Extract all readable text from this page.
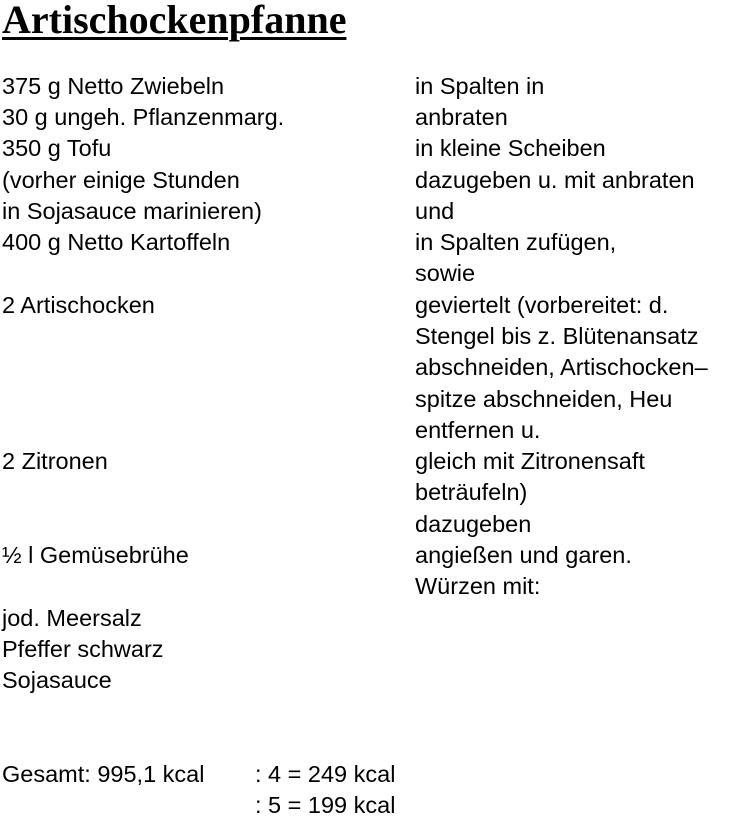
Artischockenpfanne
375 g Netto Zwiebeln
30 g ungeh. Pflanzenmarg.
350 g Tofu
(vorher einige Stunden
in Sojasauce marinieren)
400 g Netto Kartoffeln
2 Artischocken
2 Zitronen
½ l Gemüsebrühe
jod. Meersalz
Pfeffer schwarz
Sojasauce
in Spalten in
anbraten
in kleine Scheiben
dazugeben u. mit anbraten
und
in Spalten zufügen,
sowie
geviertelt (vorbereitet: d.
Stengel bis z. Blütenansatz
abschneiden, Artischocken–
spitze abschneiden, Heu
entfernen u.
gleich mit Zitronensaft
beträufeln)
dazugeben
angießen und garen.
Würzen mit:
Gesamt: 995,1 kcal : 4 = 249 kcal
: 5 = 199 kcal
